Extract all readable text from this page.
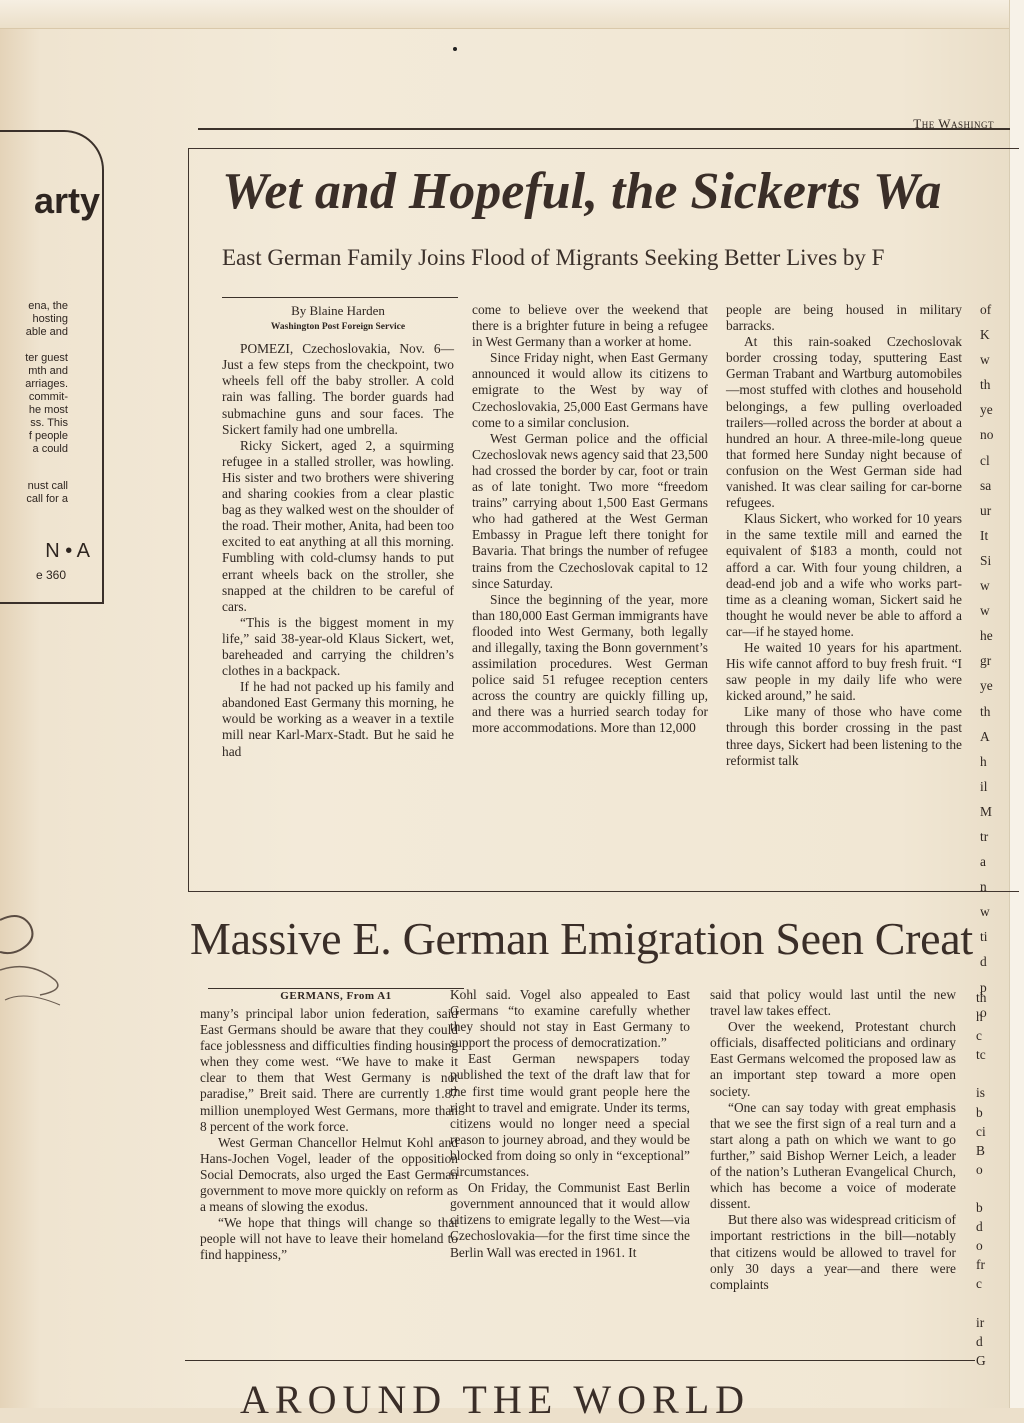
arty
ena, the
hosting
able and

ter guest
mth and
arriages.
commit-
he most
ss. This
f people
a could
nust call
call for a
N • A
e 360
The Washingt
Wet and Hopeful, the Sickerts Wa
East German Family Joins Flood of Migrants Seeking Better Lives by F

By Blaine Harden

Washington Post Foreign Service

POMEZI, Czechoslovakia, Nov. 6—Just a few steps from the checkpoint, two wheels fell off the baby stroller. A cold rain was falling. The border guards had submachine guns and sour faces. The Sickert family had one umbrella.

Ricky Sickert, aged 2, a squirming refugee in a stalled stroller, was howling. His sister and two brothers were shivering and sharing cookies from a clear plastic bag as they walked west on the shoulder of the road. Their mother, Anita, had been too excited to eat anything at all this morning. Fumbling with cold-clumsy hands to put errant wheels back on the stroller, she snapped at the children to be careful of cars.

“This is the biggest moment in my life,” said 38-year-old Klaus Sickert, wet, bareheaded and carrying the children’s clothes in a backpack.

If he had not packed up his family and abandoned East Germany this morning, he would be working as a weaver in a textile mill near Karl-Marx-Stadt. But he said he had

come to believe over the weekend that there is a brighter future in being a refugee in West Germany than a worker at home.

Since Friday night, when East Germany announced it would allow its citizens to emigrate to the West by way of Czechoslovakia, 25,000 East Germans have come to a similar conclusion.

West German police and the official Czechoslovak news agency said that 23,500 had crossed the border by car, foot or train as of late tonight. Two more “freedom trains” carrying about 1,500 East Germans who had gathered at the West German Embassy in Prague left there tonight for Bavaria. That brings the number of refugee trains from the Czechoslovak capital to 12 since Saturday.

Since the beginning of the year, more than 180,000 East German immigrants have flooded into West Germany, both legally and illegally, taxing the Bonn government’s assimilation procedures. West German police said 51 refugee reception centers across the country are quickly filling up, and there was a hurried search today for more accommodations. More than 12,000

people are being housed in military barracks.

At this rain-soaked Czechoslovak border crossing today, sputtering East German Trabant and Wartburg automobiles—most stuffed with clothes and household belongings, a few pulling overloaded trailers—rolled across the border at about a hundred an hour. A three-mile-long queue that formed here Sunday night because of confusion on the West German side had vanished. It was clear sailing for car-borne refugees.

Klaus Sickert, who worked for 10 years in the same textile mill and earned the equivalent of $183 a month, could not afford a car. With four young children, a dead-end job and a wife who works part-time as a cleaning woman, Sickert said he thought he would never be able to afford a car—if he stayed home.

He waited 10 years for his apartment. His wife cannot afford to buy fresh fruit. “I saw people in my daily life who were kicked around,” he said.

Like many of those who have come through this border crossing in the past three days, Sickert had been listening to the reformist talk

of
K
w
th
ye
no
cl
sa
ur
It
Si
w
w
he
gr
ye
th
A
h
il
M
tr
a
n
w
ti
d
p
o
Massive E. German Emigration Seen Creat
GERMANS, From A1

many’s principal labor union federation, said East Germans should be aware that they could face joblessness and difficulties finding housing when they come west. “We have to make it clear to them that West Germany is not paradise,” Breit said. There are currently 1.87 million unemployed West Germans, more than 8 percent of the work force.

West German Chancellor Helmut Kohl and Hans-Jochen Vogel, leader of the opposition Social Democrats, also urged the East German government to move more quickly on reform as a means of slowing the exodus.

“We hope that things will change so that people will not have to leave their homeland to find happiness,”

Kohl said. Vogel also appealed to East Germans “to examine carefully whether they should not stay in East Germany to support the process of democratization.”

East German newspapers today published the text of the draft law that for the first time would grant people here the right to travel and emigrate. Under its terms, citizens would no longer need a special reason to journey abroad, and they would be blocked from doing so only in “exceptional” circumstances.

On Friday, the Communist East Berlin government announced that it would allow citizens to emigrate legally to the West—via Czechoslovakia—for the first time since the Berlin Wall was erected in 1961. It

said that policy would last until the new travel law takes effect.

Over the weekend, Protestant church officials, disaffected politicians and ordinary East Germans welcomed the proposed law as an important step toward a more open society.

“One can say today with great emphasis that we see the first sign of a real turn and a start along a path on which we want to go further,” said Bishop Werner Leich, a leader of the nation’s Lutheran Evangelical Church, which has become a voice of moderate dissent.

But there also was widespread criticism of important restrictions in the bill—notably that citizens would be allowed to travel for only 30 days a year—and there were complaints

th
h
c
tc

is
b
ci
B
o

b
d
o
fr
c

ir
d
G
AROUND THE WORLD
